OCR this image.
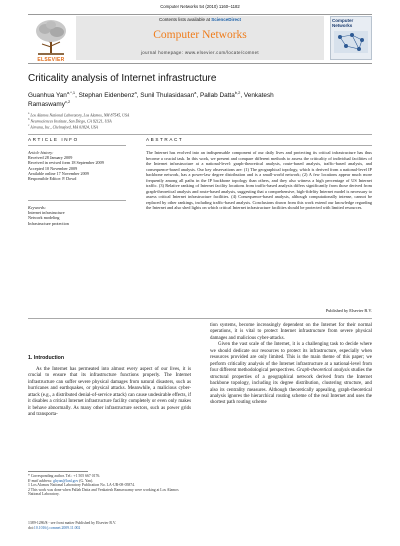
Computer Networks 54 (2010) 1160–1182
ELSEVIER
Contents lists available at ScienceDirect
Computer Networks
journal homepage: www.elsevier.com/locate/comnet
Computer
Networks
Criticality analysis of Internet infrastructure
Guanhua Yan$^{a,*,1}$, Stephan Eidenbenz$^a$, Sunil Thulasidasan$^a$, Pallab Datta$^{b,2}$, Venkatesh
Ramaswamy$^{c,2}$
$^a$ Los Alamos National Laboratory, Los Alamos, NM 87545, USA
$^b$ Neurosciences Institute, San Diego, CA 92121, USA
$^c$ Airvana, Inc., Chelmsford, MA 01824, USA
ARTICLE INFO	ABSTRACT
Article history:
Received 28 January 2009
Received in revised form 18 September 2009
Accepted 10 November 2009
Available online 17 November 2009
Responsible Editor: P. Dowd
Keywords:
Internet infrastructure
Network modeling
Infrastructure protection
The Internet has evolved into an indispensable component of our daily lives and protecting its critical infrastructure has thus become a crucial task. In this work, we present and compare different methods to assess the criticality of individual facilities of the Internet infrastructure at a national-level: graph-theoretical analysis, route-based analysis, traffic-based analysis, and consequence-based analysis. Our key observations are: (1) The geographical topology, which is derived from a national-level IP backbone network, has a power-law degree distribution and is a small-world network; (2) A few locations appear much more frequently among all paths in the IP backbone topology than others, and they also witness a high percentage of US Internet traffic. (3) Relative ranking of Internet facility locations from traffic-based analysis differs significantly from those derived from graph-theoretical analysis and route-based analysis, suggesting that a comprehensive, high-fidelity Internet model is necessary to assess critical Internet infrastructure facilities. (4) Consequence-based analysis, although computationally intense, cannot be replaced by other rankings, including traffic-based analysis. Conclusions drawn from this work extend our knowledge regarding the Internet and also shed lights on which critical Internet infrastructure facilities should be protected with limited resources.
Published by Elsevier B.V.
1. Introduction
As the Internet has permeated into almost every aspect of our lives, it is crucial to ensure that its infrastructure functions properly. The Internet infrastructure can suffer severe physical damages from natural disasters, such as hurricanes and earthquakes, or physical attacks. Meanwhile, a malicious cyber-attack (e.g., a distributed denial-of-service attack) can cause undesirable effects, if it disables a critical Internet infrastructure facility completely or even only makes it behave abnormally. As many other infrastructure sectors, such as power grids and transporta-
tion systems, become increasingly dependent on the Internet for their normal operations, it is vital to protect Internet infrastructure from severe physical damages and malicious cyber-attacks.
Given the vast scale of the Internet, it is a challenging task to decide where we should dedicate our resources to protect its infrastructure, especially when resources provided are only limited. This is the main theme of this paper; we perform criticality analysis of the Internet infrastructure at a national-level from four different methodological perspectives. Graph-theoretical analysis studies the structural properties of a geographical network derived from the Internet backbone topology, including its degree distribution, clustering structure, and also its centrality measures. Although theoretically appealing, graph-theoretical analysis ignores the hierarchical routing scheme of the real Internet and uses the shortest path routing scheme
* Corresponding author. Tel.: +1 505 667 0176.
E-mail address: ghyan@lanl.gov (G. Yan).
1 Los Alamos National Laboratory Publication No. LA-UR-08-05874.
2 This work was done when Pallab Datta and Venkatesh Ramaswamy were working at Los Alamos National Laboratory.
1389-1286/$ - see front matter Published by Elsevier B.V.
doi:10.1016/j.comnet.2009.11.002
